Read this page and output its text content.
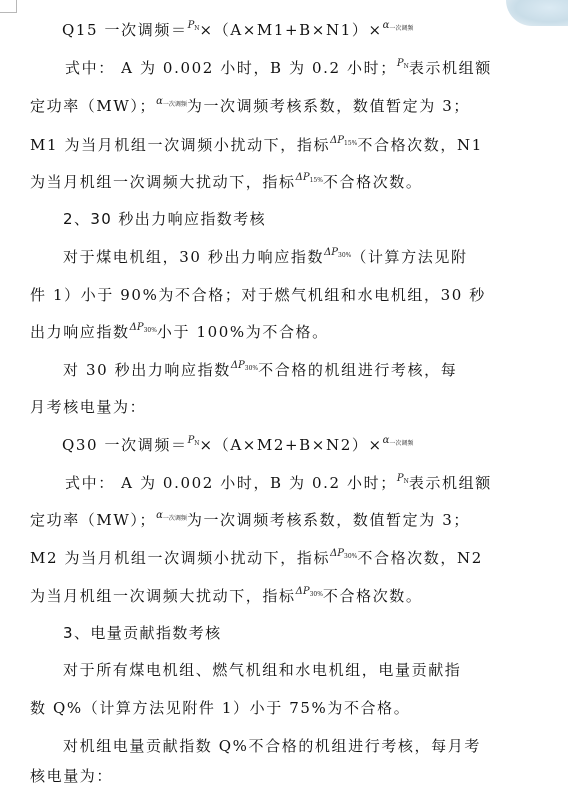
Q15 一次调频＝$^{P_N}$×（A×M1+B×N1）×$^{\alpha_{一次调频}}$
式中： A 为 0.002 小时，B 为 0.2 小时；$^{P_N}$表示机组额
定功率（MW）；$^{\alpha_{一次调频}}$为一次调频考核系数，数值暂定为 3；
M1 为当月机组一次调频小扰动下，指标$^{\Delta P_{15\%}}$不合格次数，N1
为当月机组一次调频大扰动下，指标$^{\Delta P_{15\%}}$不合格次数。
2、30 秒出力响应指数考核
对于煤电机组，30 秒出力响应指数$^{\Delta P_{30\%}}$（计算方法见附
件 1）小于 90%为不合格；对于燃气机组和水电机组，30 秒
出力响应指数$^{\Delta P_{30\%}}$小于 100%为不合格。
对 30 秒出力响应指数$^{\Delta P_{30\%}}$不合格的机组进行考核，每
月考核电量为：
Q30 一次调频＝$^{P_N}$×（A×M2+B×N2）×$^{\alpha_{一次调频}}$
式中： A 为 0.002 小时，B 为 0.2 小时；$^{P_N}$表示机组额
定功率（MW）；$^{\alpha_{一次调频}}$为一次调频考核系数，数值暂定为 3；
M2 为当月机组一次调频小扰动下，指标$^{\Delta P_{30\%}}$不合格次数，N2
为当月机组一次调频大扰动下，指标$^{\Delta P_{30\%}}$不合格次数。
3、电量贡献指数考核
对于所有煤电机组、燃气机组和水电机组，电量贡献指
数 Q%（计算方法见附件 1）小于 75%为不合格。
对机组电量贡献指数 Q%不合格的机组进行考核，每月考
核电量为：
